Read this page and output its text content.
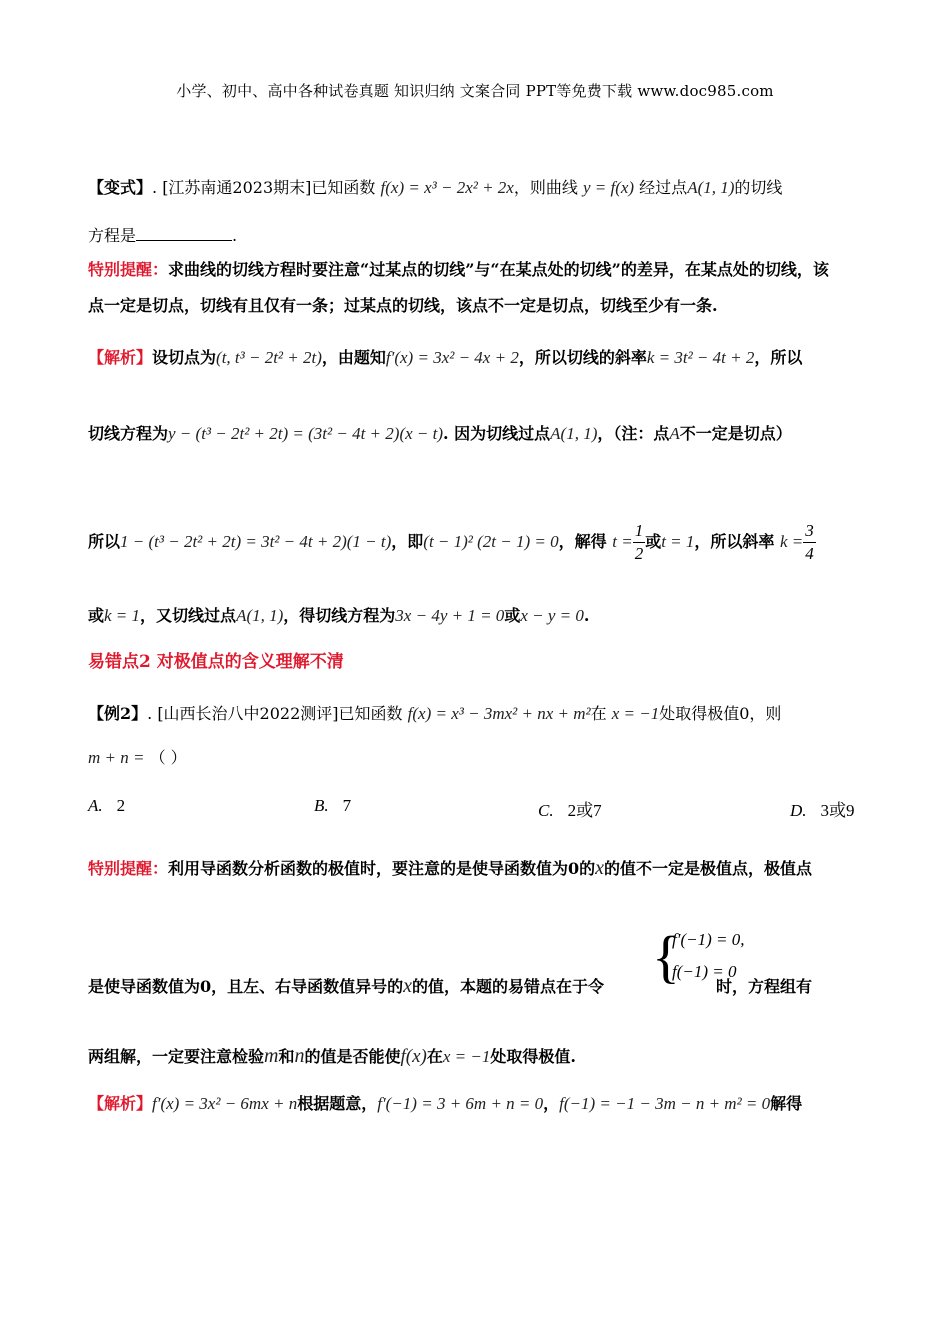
小学、初中、高中各种试卷真题 知识归纳 文案合同 PPT等免费下载 www.doc985.com
【变式】. [江苏南通2023期末]已知函数 f(x) = x³ − 2x² + 2x，则曲线 y = f(x) 经过点A(1, 1)的切线
方程是	.
特别提醒：求曲线的切线方程时要注意“过某点的切线”与“在某点处的切线”的差异，在某点处的切线，该
点一定是切点，切线有且仅有一条；过某点的切线，该点不一定是切点，切线至少有一条.
【解析】设切点为(t, t³ − 2t² + 2t)，由题知f′(x) = 3x² − 4x + 2，所以切线的斜率k = 3t² − 4t + 2，所以
切线方程为y − (t³ − 2t² + 2t) = (3t² − 4t + 2)(x − t). 因为切线过点A(1, 1)，（注：点A不一定是切点）
所以1 − (t³ − 2t² + 2t) = 3t² − 4t + 2)(1 − t)，即(t − 1)² (2t − 1) = 0，解得 $t = \frac{1}{2}$ 或t = 1，所以斜率 $k = \frac{3}{4}$
或k = 1，又切线过点A(1, 1)，得切线方程为3x − 4y + 1 = 0或x − y = 0.
易错点2 对极值点的含义理解不清
【例2】. [山西长治八中2022测评]已知函数 f(x) = x³ − 3mx² + nx + m²在 x = −1处取得极值0，则
m + n = （ ）
A. 2	B. 7	C. 2或7	D. 3或9
特别提醒：利用导函数分析函数的极值时，要注意的是使导函数值为0的x的值不一定是极值点，极值点
{
f′(−1) = 0,
f(−1) = 0
是使导函数值为0，且左、右导函数值异号的x的值，本题的易错点在于令	时，方程组有
两组解，一定要注意检验m和n的值是否能使f(x)在x = −1处取得极值.
【解析】f′(x) = 3x² − 6mx + n根据题意，f′(−1) = 3 + 6m + n = 0，f(−1) = −1 − 3m − n + m² = 0解得
